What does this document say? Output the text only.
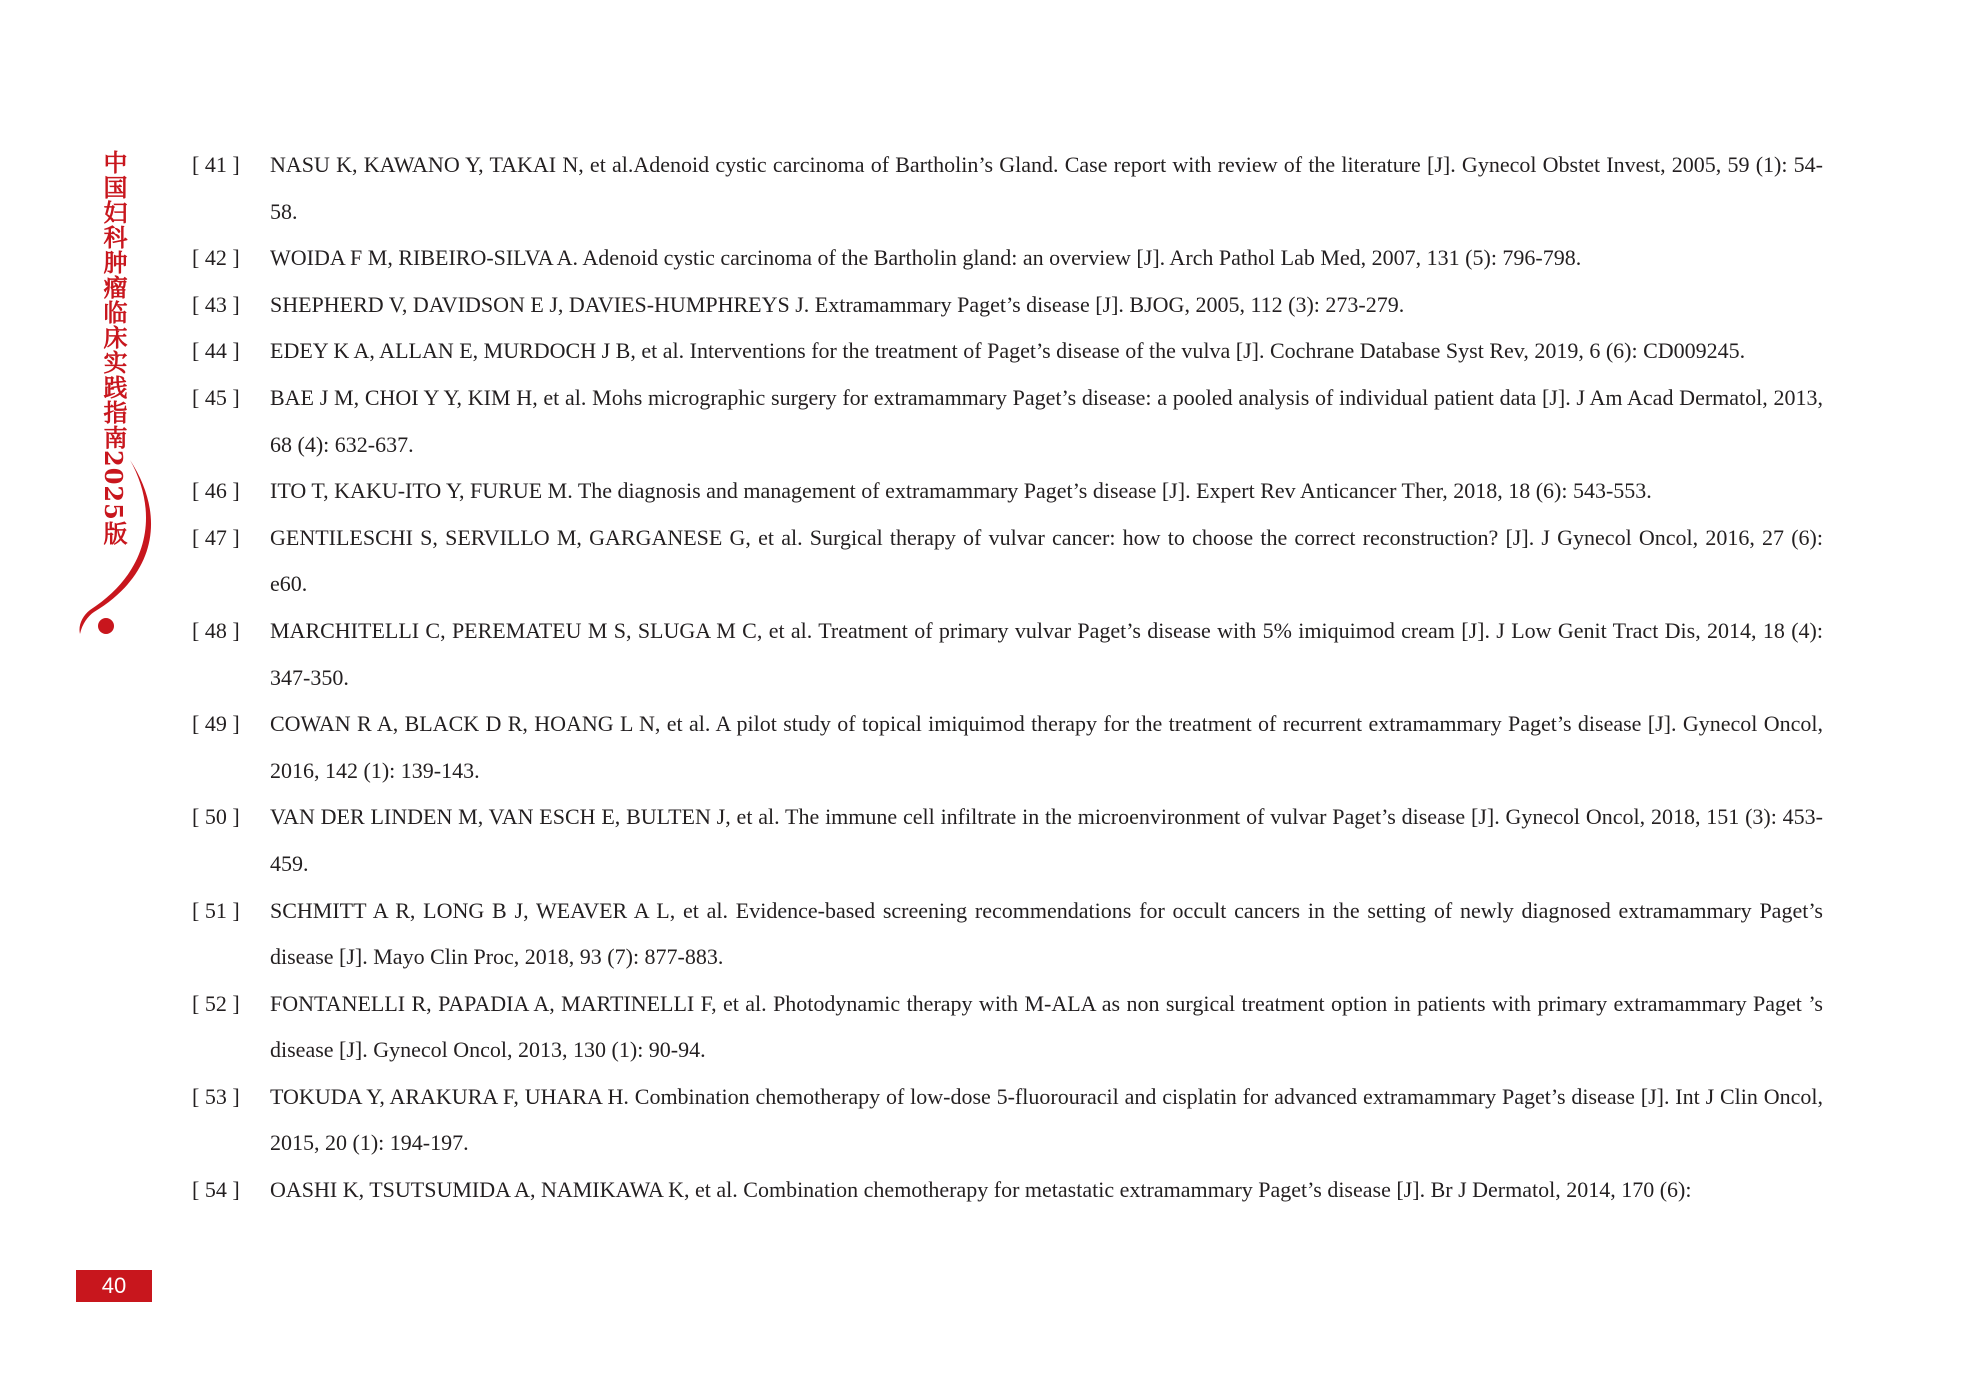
中国妇科肿瘤临床实践指南2025版	[ 41 ]	NASU K, KAWANO Y, TAKAI N, et al.Adenoid cystic carcinoma of Bartholin’s Gland. Case report with review of the literature [J]. Gynecol Obstet Invest, 2005, 59 (1): 54-58.
[ 42 ]	WOIDA F M, RIBEIRO-SILVA A. Adenoid cystic carcinoma of the Bartholin gland: an overview [J]. Arch Pathol Lab Med, 2007, 131 (5): 796-798.
[ 43 ]	SHEPHERD V, DAVIDSON E J, DAVIES-HUMPHREYS J. Extramammary Paget’s disease [J]. BJOG, 2005, 112 (3): 273-279.
[ 44 ]	EDEY K A, ALLAN E, MURDOCH J B, et al. Interventions for the treatment of Paget’s disease of the vulva [J]. Cochrane Database Syst Rev, 2019, 6 (6): CD009245.
[ 45 ]	BAE J M, CHOI Y Y, KIM H, et al. Mohs micrographic surgery for extramammary Paget’s disease: a pooled analysis of individual patient data [J]. J Am Acad Dermatol, 2013, 68 (4): 632-637.
[ 46 ]	ITO T, KAKU-ITO Y, FURUE M. The diagnosis and management of extramammary Paget’s disease [J]. Expert Rev Anticancer Ther, 2018, 18 (6): 543-553.
[ 47 ]	GENTILESCHI S, SERVILLO M, GARGANESE G, et al. Surgical therapy of vulvar cancer: how to choose the correct reconstruction? [J]. J Gynecol Oncol, 2016, 27 (6): e60.
[ 48 ]	MARCHITELLI C, PEREMATEU M S, SLUGA M C, et al. Treatment of primary vulvar Paget’s disease with 5% imiquimod cream [J]. J Low Genit Tract Dis, 2014, 18 (4): 347-350.
[ 49 ]	COWAN R A, BLACK D R, HOANG L N, et al. A pilot study of topical imiquimod therapy for the treatment of recurrent extramammary Paget’s disease [J]. Gynecol Oncol, 2016, 142 (1): 139-143.
[ 50 ]	VAN DER LINDEN M, VAN ESCH E, BULTEN J, et al. The immune cell infiltrate in the microenvironment of vulvar Paget’s disease [J]. Gynecol Oncol, 2018, 151 (3): 453-459.
[ 51 ]	SCHMITT A R, LONG B J, WEAVER A L, et al. Evidence-based screening recommendations for occult cancers in the setting of newly diagnosed extramammary Paget’s disease [J]. Mayo Clin Proc, 2018, 93 (7): 877-883.
[ 52 ]	FONTANELLI R, PAPADIA A, MARTINELLI F, et al. Photodynamic therapy with M-ALA as non surgical treatment option in patients with primary extramammary Paget ’s disease [J]. Gynecol Oncol, 2013, 130 (1): 90-94.
[ 53 ]	TOKUDA Y, ARAKURA F, UHARA H. Combination chemotherapy of low-dose 5-fluorouracil and cisplatin for advanced extramammary Paget’s disease [J]. Int J Clin Oncol, 2015, 20 (1): 194-197.
[ 54 ]	OASHI K, TSUTSUMIDA A, NAMIKAWA K, et al. Combination chemotherapy for metastatic extramammary Paget’s disease [J]. Br J Dermatol, 2014, 170 (6):
40
